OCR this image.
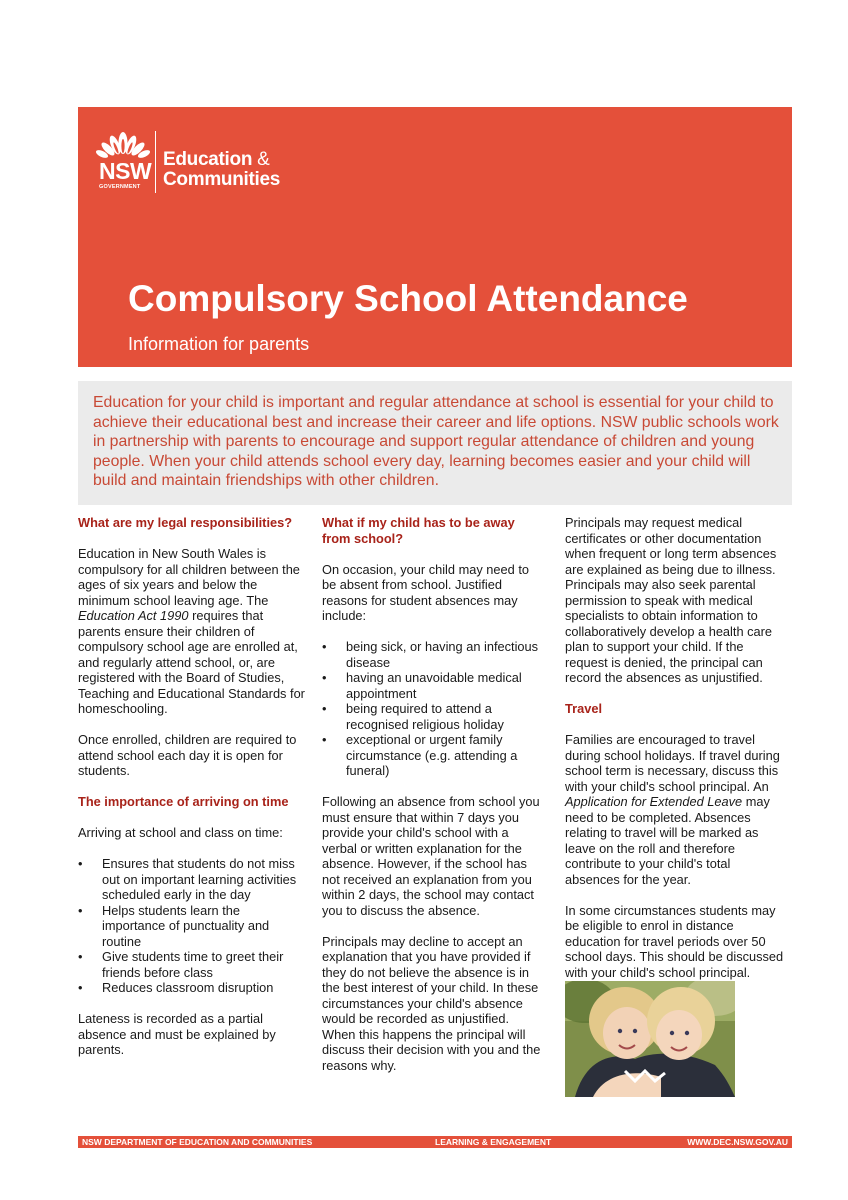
NSW
GOVERNMENT
Education &
Communities
Compulsory School Attendance

Information for parents

Education for your child is important and regular attendance at school is essential for your child to achieve their educational best and increase their career and life options. NSW public schools work in partnership with parents to encourage and support regular attendance of children and young people. When your child attends school every day, learning becomes easier and your child will build and maintain friendships with other children.

What are my legal responsibilities?

Education in New South Wales is compulsory for all children between the ages of six years and below the minimum school leaving age. The Education Act 1990 requires that parents ensure their children of compulsory school age are enrolled at, and regularly attend school, or, are registered with the Board of Studies, Teaching and Educational Standards for homeschooling.

Once enrolled, children are required to attend school each day it is open for students.

The importance of arriving on time

Arriving at school and class on time:

• Ensures that students do not miss out on important learning activities scheduled early in the day
• Helps students learn the importance of punctuality and routine
• Give students time to greet their friends before class
• Reduces classroom disruption

Lateness is recorded as a partial absence and must be explained by parents.

What if my child has to be away from school?

On occasion, your child may need to be absent from school. Justified reasons for student absences may include:

• being sick, or having an infectious disease
• having an unavoidable medical appointment
• being required to attend a recognised religious holiday
• exceptional or urgent family circumstance (e.g. attending a funeral)

Following an absence from school you must ensure that within 7 days you provide your child's school with a verbal or written explanation for the absence. However, if the school has not received an explanation from you within 2 days, the school may contact you to discuss the absence.

Principals may decline to accept an explanation that you have provided if they do not believe the absence is in the best interest of your child. In these circumstances your child's absence would be recorded as unjustified. When this happens the principal will discuss their decision with you and the reasons why.

Principals may request medical certificates or other documentation when frequent or long term absences are explained as being due to illness. Principals may also seek parental permission to speak with medical specialists to obtain information to collaboratively develop a health care plan to support your child. If the request is denied, the principal can record the absences as unjustified.

Travel

Families are encouraged to travel during school holidays. If travel during school term is necessary, discuss this with your child's school principal. An Application for Extended Leave may need to be completed. Absences relating to travel will be marked as leave on the roll and therefore contribute to your child's total absences for the year.

In some circumstances students may be eligible to enrol in distance education for travel periods over 50 school days. This should be discussed with your child's school principal.

NSW DEPARTMENT OF EDUCATION AND COMMUNITIES	LEARNING & ENGAGEMENT	WWW.DEC.NSW.GOV.AU
